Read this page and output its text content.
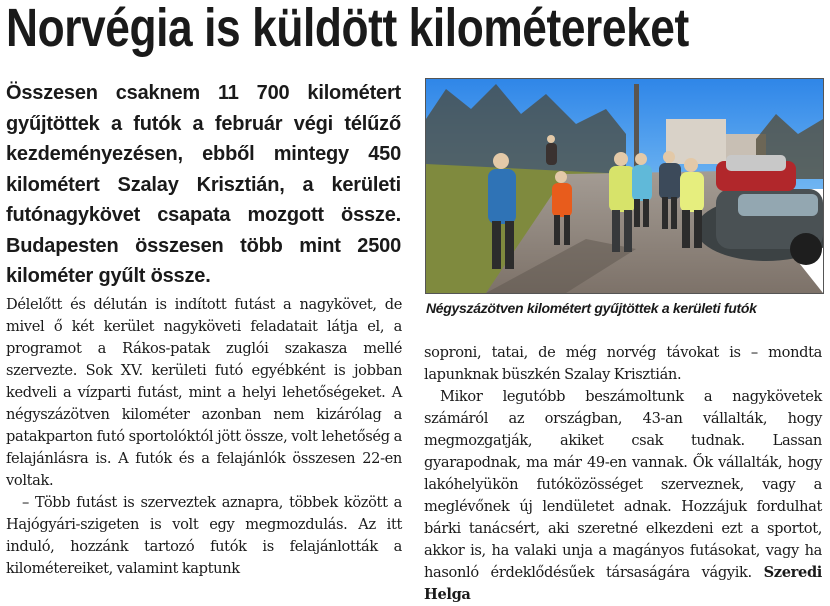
Norvégia is küldött kilométereket

Összesen csaknem 11 700 kilométert gyűjtöttek a futók a február végi télűző kezdeményezésen, ebből mintegy 450 kilométert Szalay Krisztián, a kerületi futónagykövet csapata mozgott össze. Budapesten összesen több mint 2500 kilométer gyűlt össze.

Négyszázötven kilométert gyűjtöttek a kerületi futók

Délelőtt és délután is indított futást a nagykövet, de mivel ő két kerület nagyköveti feladatait látja el, a programot a Rákos-patak zuglói szakasza mellé szervezte. Sok XV. kerületi futó egyébként is jobban kedveli a vízparti futást, mint a helyi lehetőségeket. A négyszázötven kilométer azonban nem kizárólag a patakparton futó sportolóktól jött össze, volt lehetőség a felajánlásra is. A futók és a felajánlók összesen 22-en voltak.

– Több futást is szerveztek aznapra, többek között a Hajógyári-szigeten is volt egy megmozdulás. Az itt induló, hozzánk tartozó futók is felajánlották a kilométereiket, valamint kaptunk

soproni, tatai, de még norvég távokat is – mondta lapunknak büszkén Szalay Krisztián.

Mikor legutóbb beszámoltunk a nagykövetek számáról az országban, 43-an vállalták, hogy megmozgatják, akiket csak tudnak. Lassan gyarapodnak, ma már 49-en vannak. Ők vállalták, hogy lakóhelyükön futóközösséget szerveznek, vagy a meglévőnek új lendületet adnak. Hozzájuk fordulhat bárki tanácsért, aki szeretné elkezdeni ezt a sportot, akkor is, ha valaki unja a magányos futásokat, vagy ha hasonló érdeklődésűek társaságára vágyik. Szeredi Helga
